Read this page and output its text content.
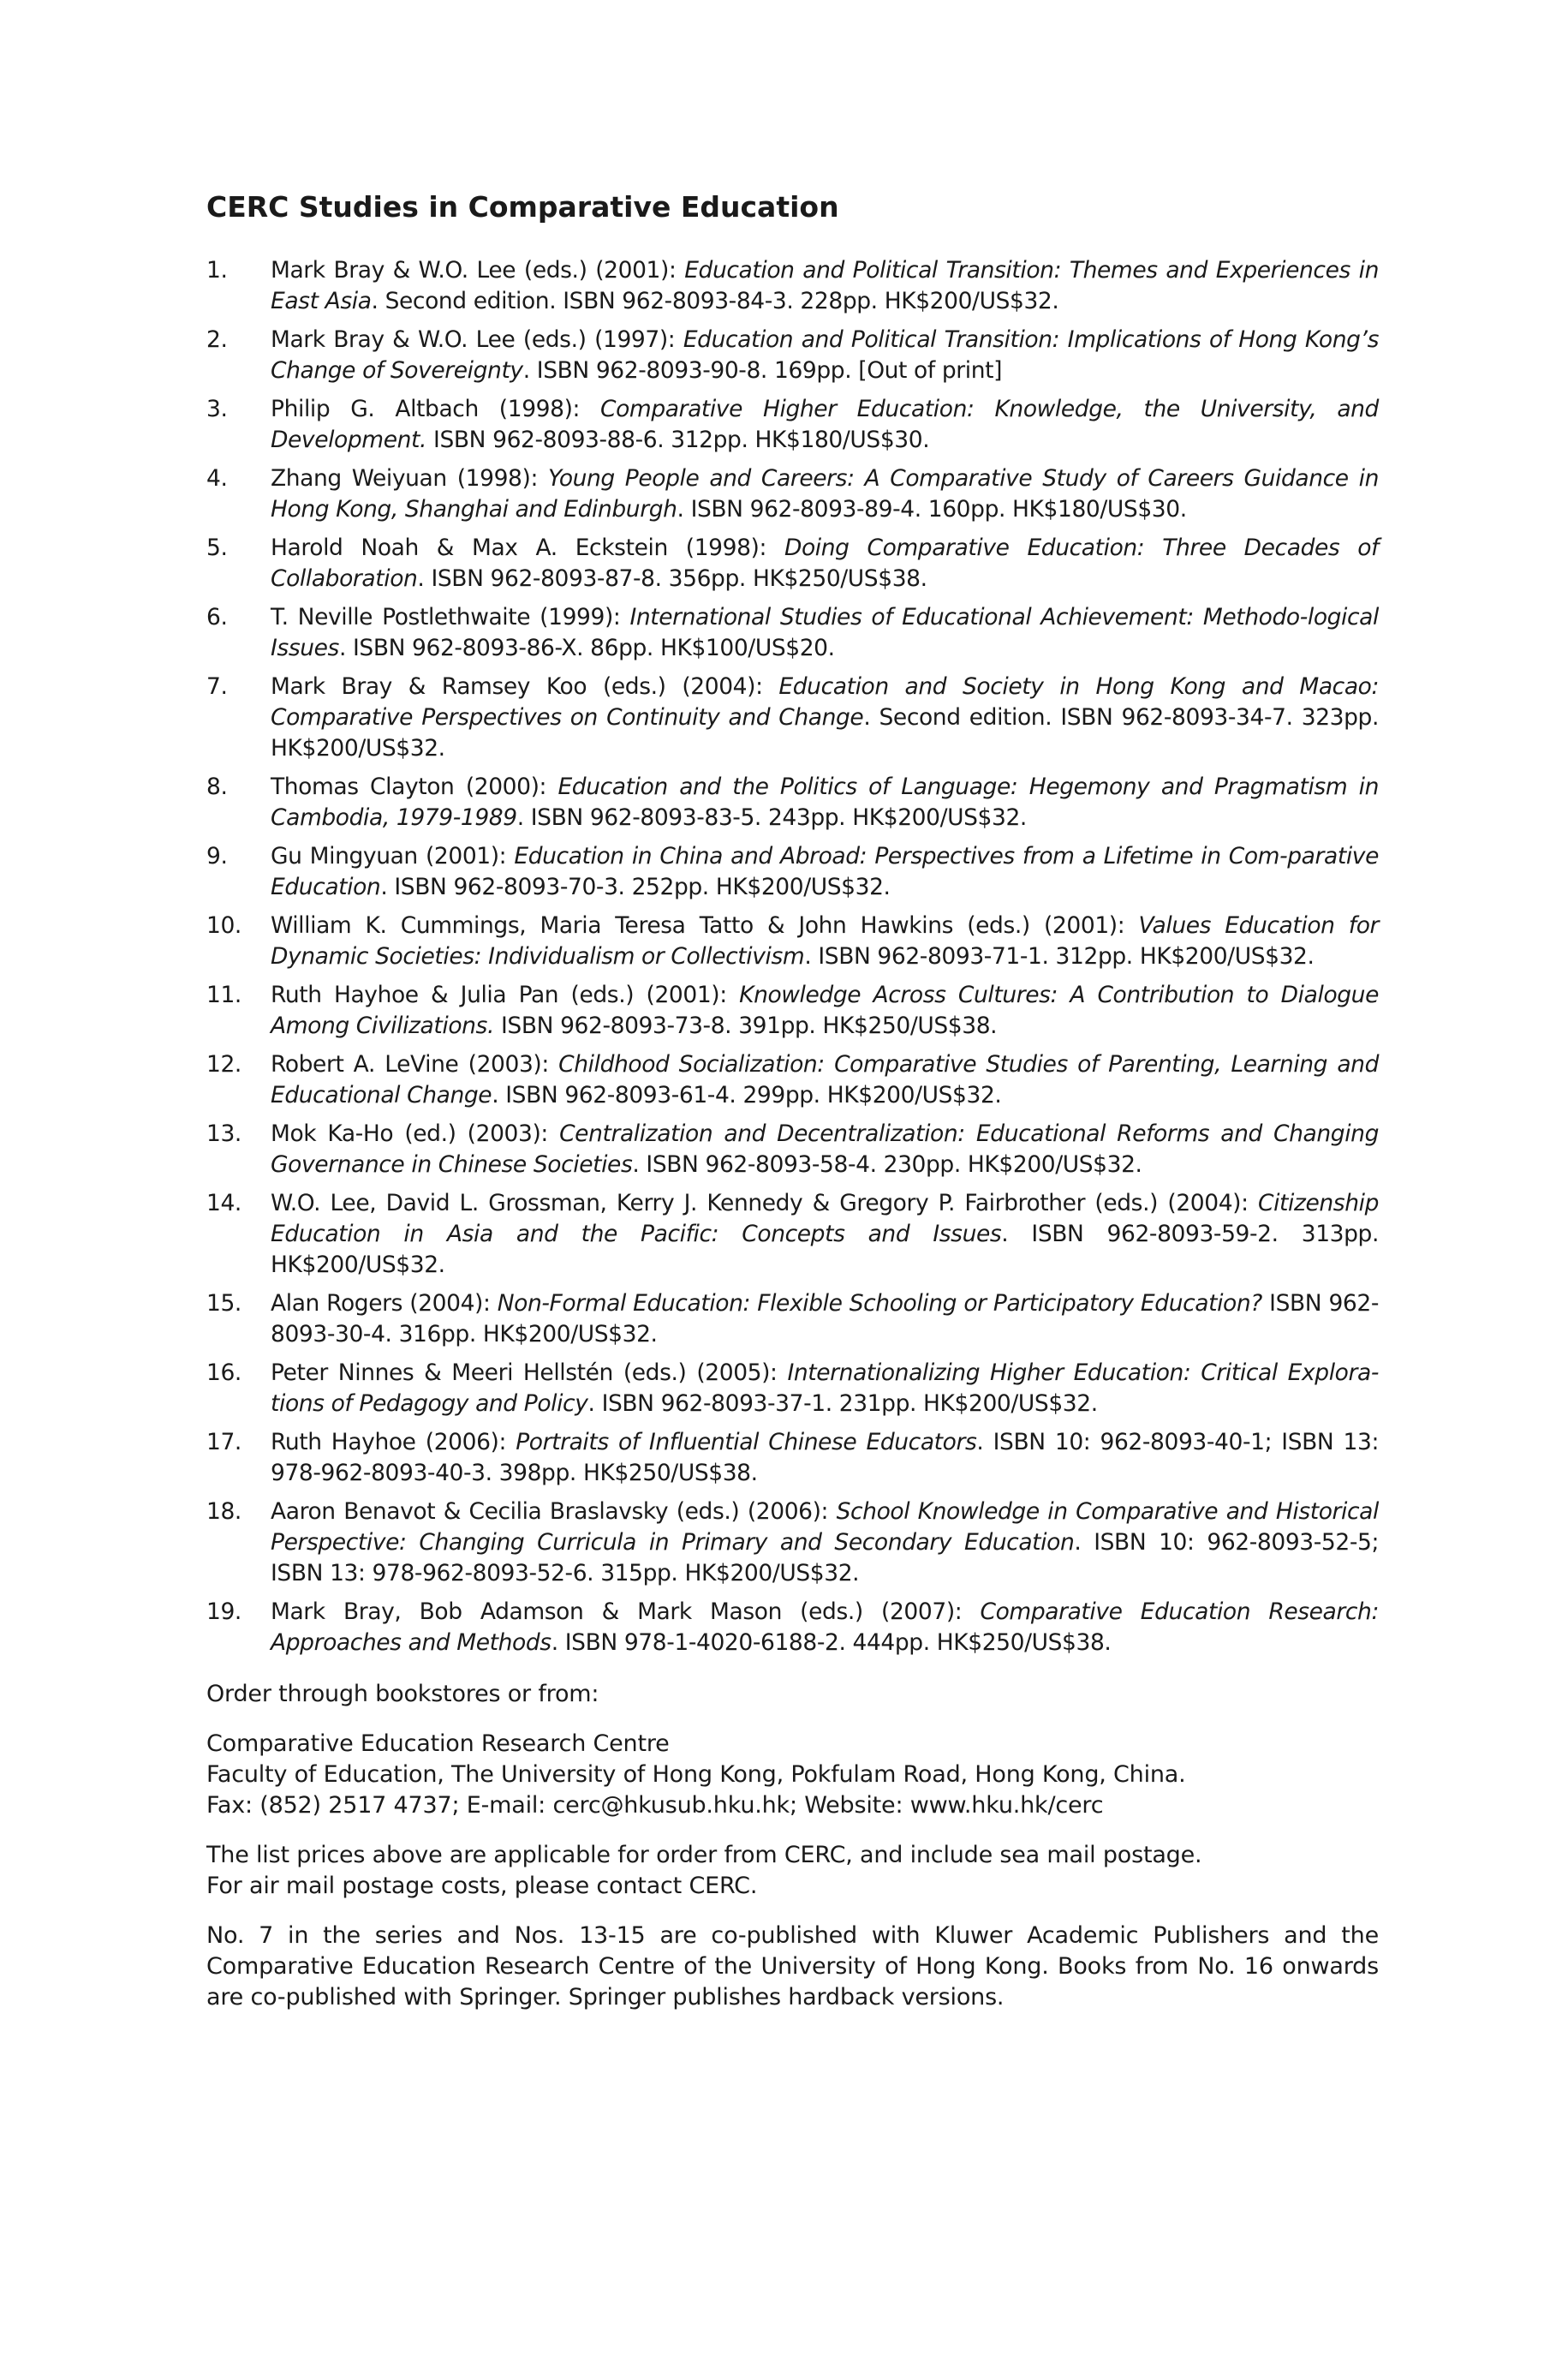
CERC Studies in Comparative Education
1.	Mark Bray & W.O. Lee (eds.) (2001): Education and Political Transition: Themes and Experiences in East Asia. Second edition. ISBN 962-8093-84-3. 228pp. HK$200/US$32.
2.	Mark Bray & W.O. Lee (eds.) (1997): Education and Political Transition: Implications of Hong Kong’s Change of Sovereignty. ISBN 962-8093-90-8. 169pp. [Out of print]
3.	Philip G. Altbach (1998): Comparative Higher Education: Knowledge, the University, and Development. ISBN 962-8093-88-6. 312pp. HK$180/US$30.
4.	Zhang Weiyuan (1998): Young People and Careers: A Comparative Study of Careers Guidance in Hong Kong, Shanghai and Edinburgh. ISBN 962-8093-89-4. 160pp. HK$180/US$30.
5.	Harold Noah & Max A. Eckstein (1998): Doing Comparative Education: Three Decades of Collaboration. ISBN 962-8093-87-8. 356pp. HK$250/US$38.
6.	T. Neville Postlethwaite (1999): International Studies of Educational Achievement: Methodo-logical Issues. ISBN 962-8093-86-X. 86pp. HK$100/US$20.
7.	Mark Bray & Ramsey Koo (eds.) (2004): Education and Society in Hong Kong and Macao: Comparative Perspectives on Continuity and Change. Second edition. ISBN 962-8093-34-7. 323pp. HK$200/US$32.
8.	Thomas Clayton (2000): Education and the Politics of Language: Hegemony and Pragmatism in Cambodia, 1979-1989. ISBN 962-8093-83-5. 243pp. HK$200/US$32.
9.	Gu Mingyuan (2001): Education in China and Abroad: Perspectives from a Lifetime in Com-parative Education. ISBN 962-8093-70-3. 252pp. HK$200/US$32.
10.	William K. Cummings, Maria Teresa Tatto & John Hawkins (eds.) (2001): Values Education for Dynamic Societies: Individualism or Collectivism. ISBN 962-8093-71-1. 312pp. HK$200/US$32.
11.	Ruth Hayhoe & Julia Pan (eds.) (2001): Knowledge Across Cultures: A Contribution to Dialogue Among Civilizations. ISBN 962-8093-73-8. 391pp. HK$250/US$38.
12.	Robert A. LeVine (2003): Childhood Socialization: Comparative Studies of Parenting, Learning and Educational Change. ISBN 962-8093-61-4. 299pp. HK$200/US$32.
13.	Mok Ka-Ho (ed.) (2003): Centralization and Decentralization: Educational Reforms and Changing Governance in Chinese Societies. ISBN 962-8093-58-4. 230pp. HK$200/US$32.
14.	W.O. Lee, David L. Grossman, Kerry J. Kennedy & Gregory P. Fairbrother (eds.) (2004): Citizenship Education in Asia and the Pacific: Concepts and Issues. ISBN 962-8093-59-2. 313pp. HK$200/US$32.
15.	Alan Rogers (2004): Non-Formal Education: Flexible Schooling or Participatory Education? ISBN 962-8093-30-4. 316pp. HK$200/US$32.
16.	Peter Ninnes & Meeri Hellstén (eds.) (2005): Internationalizing Higher Education: Critical Explora-tions of Pedagogy and Policy. ISBN 962-8093-37-1. 231pp. HK$200/US$32.
17.	Ruth Hayhoe (2006): Portraits of Influential Chinese Educators. ISBN 10: 962-8093-40-1; ISBN 13: 978-962-8093-40-3. 398pp. HK$250/US$38.
18.	Aaron Benavot & Cecilia Braslavsky (eds.) (2006): School Knowledge in Comparative and Historical Perspective: Changing Curricula in Primary and Secondary Education. ISBN 10: 962-8093-52-5; ISBN 13: 978-962-8093-52-6. 315pp. HK$200/US$32.
19.	Mark Bray, Bob Adamson & Mark Mason (eds.) (2007): Comparative Education Research: Approaches and Methods. ISBN 978-1-4020-6188-2. 444pp. HK$250/US$38.

Order through bookstores or from:

Comparative Education Research Centre
Faculty of Education, The University of Hong Kong, Pokfulam Road, Hong Kong, China.
Fax: (852) 2517 4737; E-mail: cerc@hkusub.hku.hk; Website: www.hku.hk/cerc

The list prices above are applicable for order from CERC, and include sea mail postage.
For air mail postage costs, please contact CERC.

No. 7 in the series and Nos. 13-15 are co-published with Kluwer Academic Publishers and the Comparative Education Research Centre of the University of Hong Kong. Books from No. 16 onwards are co-published with Springer. Springer publishes hardback versions.
